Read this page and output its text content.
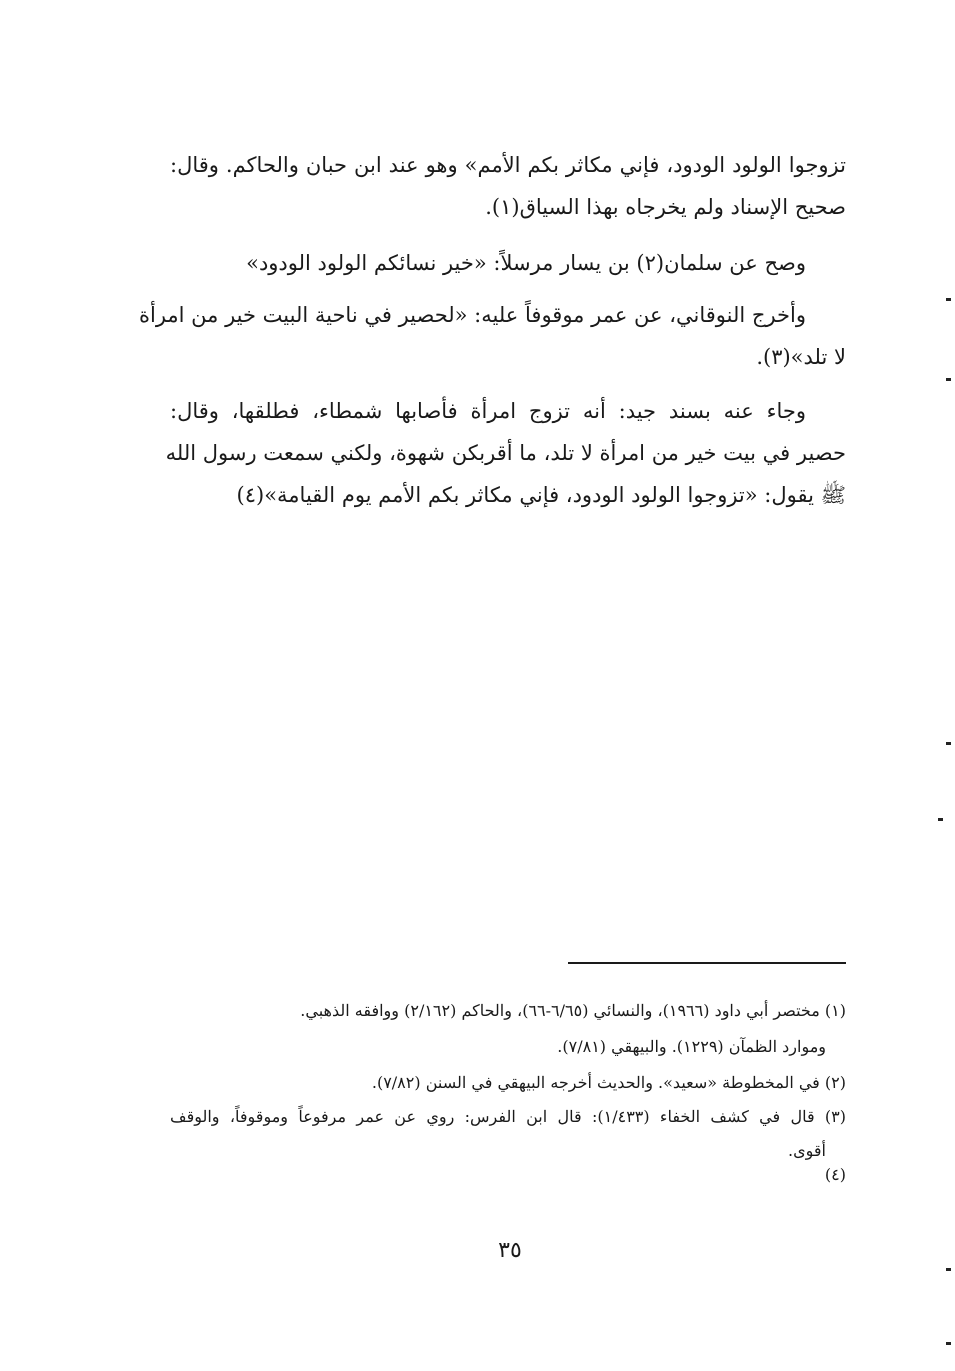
تزوجوا الولود الودود، فإني مكاثر بكم الأمم» وهو عند ابن حبان والحاكم. وقال:
صحيح الإسناد ولم يخرجاه بهذا السياق(١).
وصح عن سلمان(٢) بن يسار مرسلاً: «خير نسائكم الولود الودود»
وأخرج النوقاني، عن عمر موقوفاً عليه: «لحصير في ناحية البيت خير من امرأة
لا تلد»(٣).
وجاء عنه بسند جيد: أنه تزوج امرأة فأصابها شمطاء، فطلقها، وقال:
حصير في بيت خير من امرأة لا تلد، ما أقربكن شهوة، ولكني سمعت رسول الله
ﷺ يقول: «تزوجوا الولود الودود، فإني مكاثر بكم الأمم يوم القيامة»(٤)
(١) مختصر أبي داود (١٩٦٦)، والنسائي (٦/٦٥-٦٦)، والحاكم (٢/١٦٢) ووافقه الذهبي.
وموارد الظمآن (١٢٢٩). والبيهقي (٧/٨١).
(٢) في المخطوطة «سعيد». والحديث أخرجه البيهقي في السنن (٧/٨٢).
(٣) قال في كشف الخفاء (١/٤٣٣): قال ابن الفرس: روي عن عمر مرفوعاً وموقوفاً، والوقف
أقوى.
(٤)
٣٥
